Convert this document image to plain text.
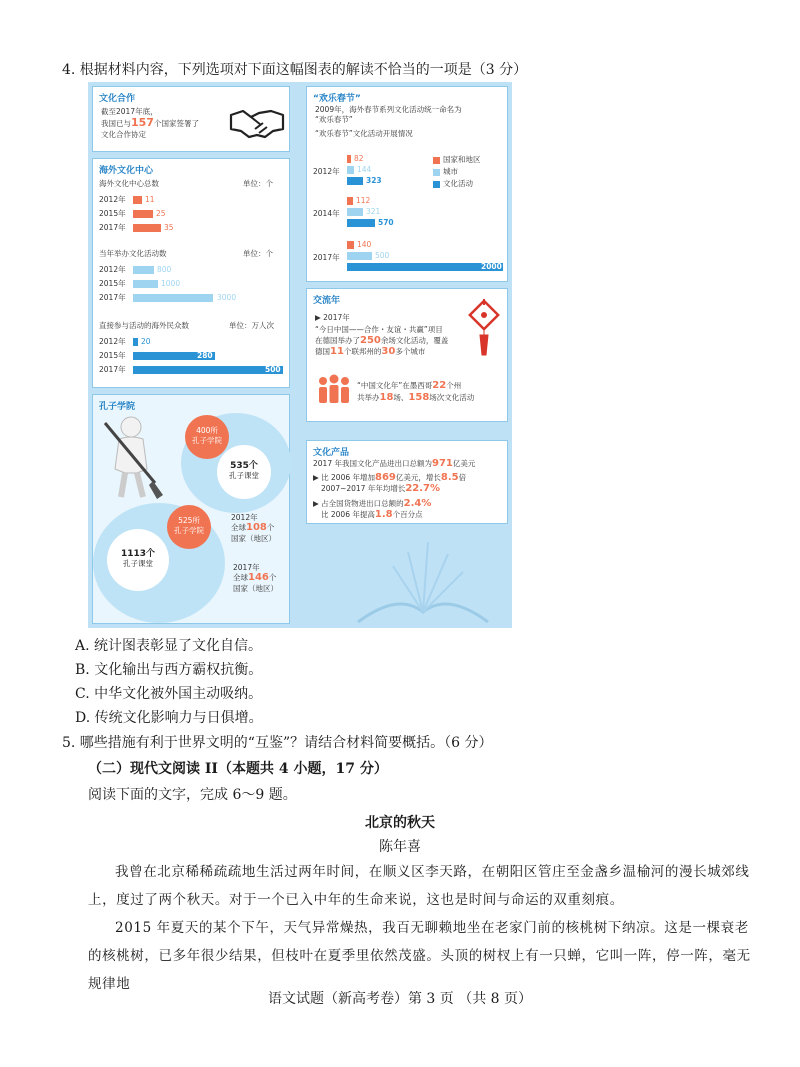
4. 根据材料内容，下列选项对下面这幅图表的解读不恰当的一项是（3 分）
文化合作
截至2017年底，
我国已与157个国家签署了
文化合作协定
海外文化中心
海外文化中心总数	单位：个
2012年	11
2015年	25
2017年	35
当年举办文化活动数	单位：个
2012年	800
2015年	1000
2017年	3000
直接参与活动的海外民众数	单位：万人次
2012年 20
2015年	280
2017年	500
孔子学院
400所
孔子学院
535个
孔子课堂
525所
孔子学院
1113个
孔子课堂
2012年
全球108个
国家（地区）
2017年
全球146个
国家（地区）
“欢乐春节”
2009年，海外春节系列文化活动统一命名为
“欢乐春节”
“欢乐春节”文化活动开展情况
国家和地区
城市
文化活动
2012年
82
144
323
2014年
112
321
570
2017年
140
500
2000
交流年
▶ 2017年
“今日中国——合作・友谊・共赢”项目
在德国举办了250余场文化活动，覆盖
德国11个联邦州的30多个城市
“中国文化年”在墨西哥22个州
共举办18场、158场次文化活动
文化产品
2017 年我国文化产品进出口总额为971亿美元
▶ 比 2006 年增加869亿美元，增长8.5倍
2007~2017 年年均增长22.7%
▶ 占全国货物进出口总额的2.4%
比 2006 年提高1.8个百分点
A. 统计图表彰显了文化自信。
B. 文化输出与西方霸权抗衡。
C. 中华文化被外国主动吸纳。
D. 传统文化影响力与日俱增。
5. 哪些措施有利于世界文明的“互鉴”？请结合材料简要概括。（6 分）
（二）现代文阅读 II（本题共 4 小题，17 分）
阅读下面的文字，完成 6～9 题。
北京的秋天
陈年喜
我曾在北京稀稀疏疏地生活过两年时间，在顺义区李天路，在朝阳区管庄至金盏乡温榆河的漫长城郊线上，度过了两个秋天。对于一个已入中年的生命来说，这也是时间与命运的双重刻痕。
2015 年夏天的某个下午，天气异常燥热，我百无聊赖地坐在老家门前的核桃树下纳凉。这是一棵衰老的核桃树，已多年很少结果，但枝叶在夏季里依然茂盛。头顶的树杈上有一只蝉，它叫一阵，停一阵，毫无规律地
语文试题（新高考卷）第 3 页 （共 8 页）
